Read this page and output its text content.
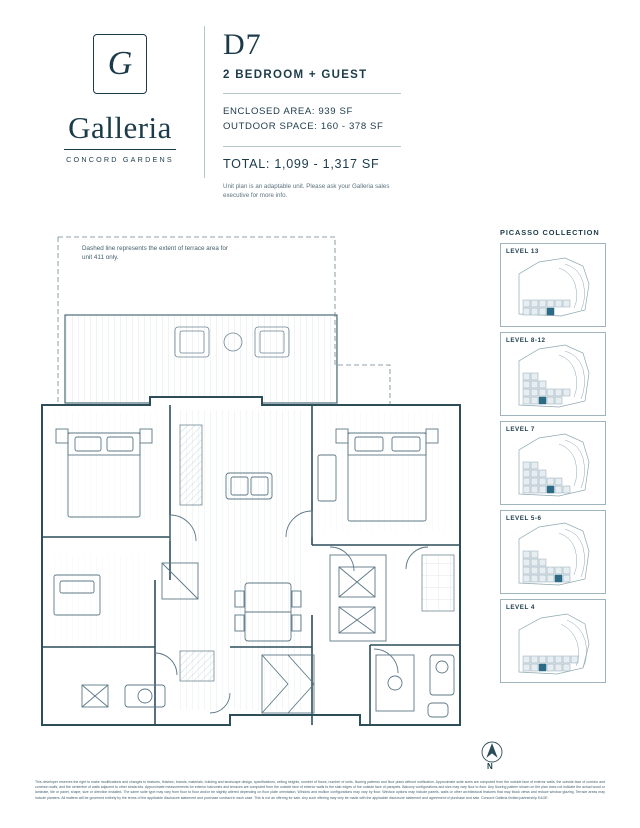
G
Galleria
CONCORD GARDENS
D7
2 BEDROOM + GUEST
ENCLOSED AREA: 939 SF
OUTDOOR SPACE: 160 - 378 SF
TOTAL: 1,099 - 1,317 SF
Unit plan is an adaptable unit. Please ask your Galleria sales executive for more info.
Dashed line represents the extent of terrace area for
unit 411 only.
PICASSO COLLECTION
LEVEL 13
LEVEL 8-12
LEVEL 7
LEVEL 5-6
LEVEL 4
N
This developer reserves the right to make modifications and changes to features, finishes, brands, materials, building and landscape design, specifications, ceiling heights, number of floors, number of units, flooring patterns and floor plans without notification. Approximate suite sizes are computed from the outside face of exterior walls, the outside face of corridor and common walls, and the centerline of walls adjacent to other strata lots. Approximate measurements for exterior balconies and terraces are computed from the outside face of exterior walls to the slab edges of the outside face of parapets. Balcony configurations and size may vary floor to floor. Any flooring pattern shown on the plan does not indicate the actual wood or laminate, tile or panel, shape, size or direction installed. The same suite type may vary from floor to floor and/or be slightly altered depending on floor plate orientation. Window and mullion configurations may vary by floor. Window options may include panels, walls or other architectural features that may block views and reduce window glazing. Terrace areas may include planters. All matters will be governed entirely by the terms of the applicable disclosure statement and purchase contract in each case. This is not an offering for sale. Any such offering may only be made with the applicable disclosure statement and agreement of purchase and sale. Concord Galleria limited partnership E&OE.
